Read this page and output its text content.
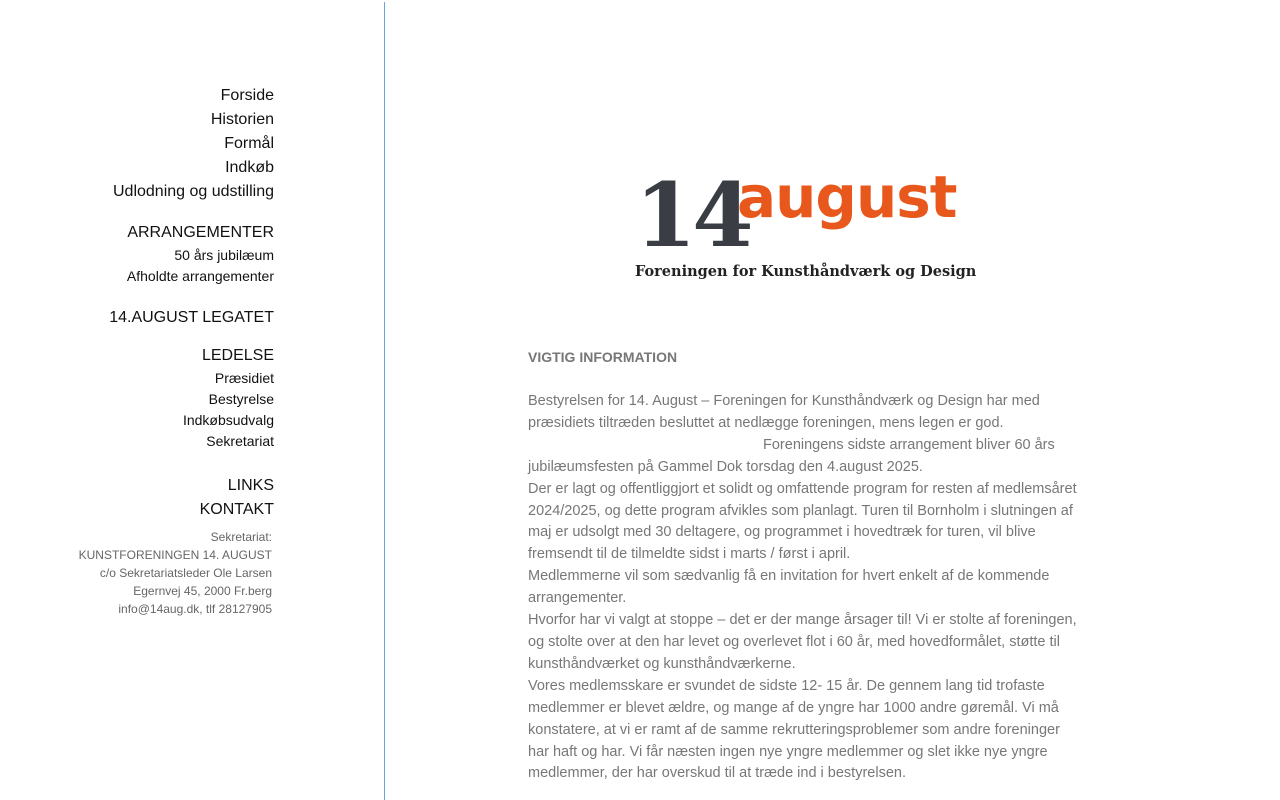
Forside
Historien
Formål
Indkøb
Udlodning og udstilling
ARRANGEMENTER
50 års jubilæum
Afholdte arrangementer
14.AUGUST LEGATET
LEDELSE
Præsidiet
Bestyrelse
Indkøbsudvalg
Sekretariat
LINKS
KONTAKT
Sekretariat:
KUNSTFORENINGEN 14. AUGUST
c/o Sekretariatsleder Ole Larsen
Egernvej 45, 2000 Fr.berg
info@14aug.dk, tlf 28127905
14
august
Foreningen for Kunsthåndværk og Design
VIGTIG INFORMATION

Bestyrelsen for 14. August – Foreningen for Kunsthåndværk og Design har med præsidiets tiltræden besluttet at nedlægge foreningen, mens legen er god.

Foreningens sidste arrangement bliver 60 års
jubilæumsfesten på Gammel Dok torsdag den 4.august 2025.

Der er lagt og offentliggjort et solidt og omfattende program for resten af medlemsåret 2024/2025, og dette program afvikles som planlagt. Turen til Bornholm i slutningen af maj er udsolgt med 30 deltagere, og programmet i hovedtræk for turen, vil blive fremsendt til de tilmeldte sidst i marts / først i april.

Medlemmerne vil som sædvanlig få en invitation for hvert enkelt af de kommende arrangementer.

Hvorfor har vi valgt at stoppe – det er der mange årsager til! Vi er stolte af foreningen, og stolte over at den har levet og overlevet flot i 60 år, med hovedformålet, støtte til kunsthåndværket og kunsthåndværkerne.

Vores medlemsskare er svundet de sidste 12- 15 år. De gennem lang tid trofaste medlemmer er blevet ældre, og mange af de yngre har 1000 andre gøremål. Vi må konstatere, at vi er ramt af de samme rekrutteringsproblemer som andre foreninger har haft og har. Vi får næsten ingen nye yngre medlemmer og slet ikke nye yngre medlemmer, der har overskud til at træde ind i bestyrelsen.
